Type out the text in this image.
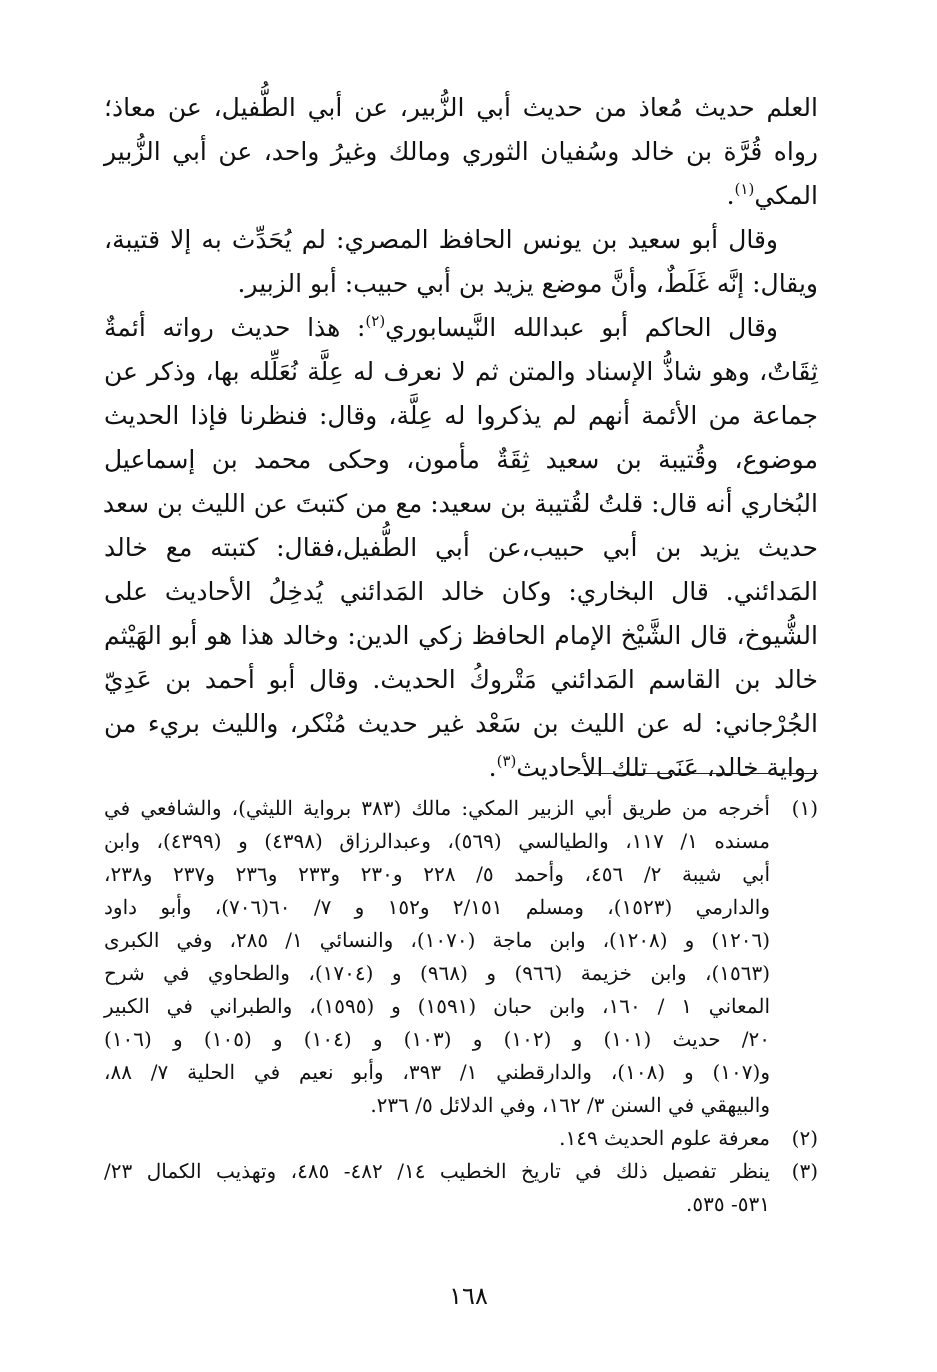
العلم حديث مُعاذ من حديث أبي الزُّبير، عن أبي الطُّفيل، عن معاذ؛
رواه قُرَّة بن خالد وسُفيان الثوري ومالك وغيرُ واحد، عن أبي الزُّبير
المكي$^{(١)}$.
وقال أبو سعيد بن يونس الحافظ المصري: لم يُحَدِّث به إلا قتيبة،
ويقال: إنَّه غَلَطٌ، وأنَّ موضع يزيد بن أبي حبيب: أبو الزبير.
وقال الحاكم أبو عبدالله النَّيسابوري$^{(٢)}$: هذا حديث رواته أئمةٌ
ثِقَاتٌ، وهو شاذُّ الإسناد والمتن ثم لا نعرف له عِلَّة نُعَلِّله بها، وذكر عن
جماعة من الأئمة أنهم لم يذكروا له عِلَّة، وقال: فنظرنا فإذا الحديث
موضوع، وقُتيبة بن سعيد ثِقَةٌ مأمون، وحكى محمد بن إسماعيل
البُخاري أنه قال: قلتُ لقُتيبة بن سعيد: مع من كتبتَ عن الليث بن سعد
حديث يزيد بن أبي حبيب،عن أبي الطُّفيل،فقال: كتبته مع خالد
المَدائني. قال البخاري: وكان خالد المَدائني يُدخِلُ الأحاديث على
الشُّيوخ، قال الشَّيْخ الإمام الحافظ زكي الدين: وخالد هذا هو أبو الهَيْثم
خالد بن القاسم المَدائني مَتْروكُ الحديث. وقال أبو أحمد بن عَدِيّ
الجُرْجاني: له عن الليث بن سَعْد غير حديث مُنْكر، والليث بريء من
رواية خالد، عَنَى تلك الأحاديث$^{(٣)}$.
(١)
أخرجه من طريق أبي الزبير المكي: مالك (٣٨٣ برواية الليثي)، والشافعي في
مسنده ١/ ١١٧، والطيالسي (٥٦٩)، وعبدالرزاق (٤٣٩٨) و (٤٣٩٩)، وابن
أبي شيبة ٢/ ٤٥٦، وأحمد ٥/ ٢٢٨ و٢٣٠ و٢٣٣ و٢٣٦ و٢٣٧ و٢٣٨،
والدارمي (١٥٢٣)، ومسلم ٢/١٥١ و١٥٢ و ٧/ ٦٠(٧٠٦)، وأبو داود
(١٢٠٦) و (١٢٠٨)، وابن ماجة (١٠٧٠)، والنسائي ١/ ٢٨٥، وفي الكبرى
(١٥٦٣)، وابن خزيمة (٩٦٦) و (٩٦٨) و (١٧٠٤)، والطحاوي في شرح
المعاني ١ / ١٦٠، وابن حبان (١٥٩١) و (١٥٩٥)، والطبراني في الكبير
٢٠/ حديث (١٠١) و (١٠٢) و (١٠٣) و (١٠٤) و (١٠٥) و (١٠٦)
و(١٠٧) و (١٠٨)، والدارقطني ١/ ٣٩٣، وأبو نعيم في الحلية ٧/ ٨٨،
والبيهقي في السنن ٣/ ١٦٢، وفي الدلائل ٥/ ٢٣٦.
(٢)
معرفة علوم الحديث ١٤٩.
(٣)
ينظر تفصيل ذلك في تاريخ الخطيب ١٤/ ٤٨٢- ٤٨٥، وتهذيب الكمال ٢٣/
٥٣١- ٥٣٥.
١٦٨
